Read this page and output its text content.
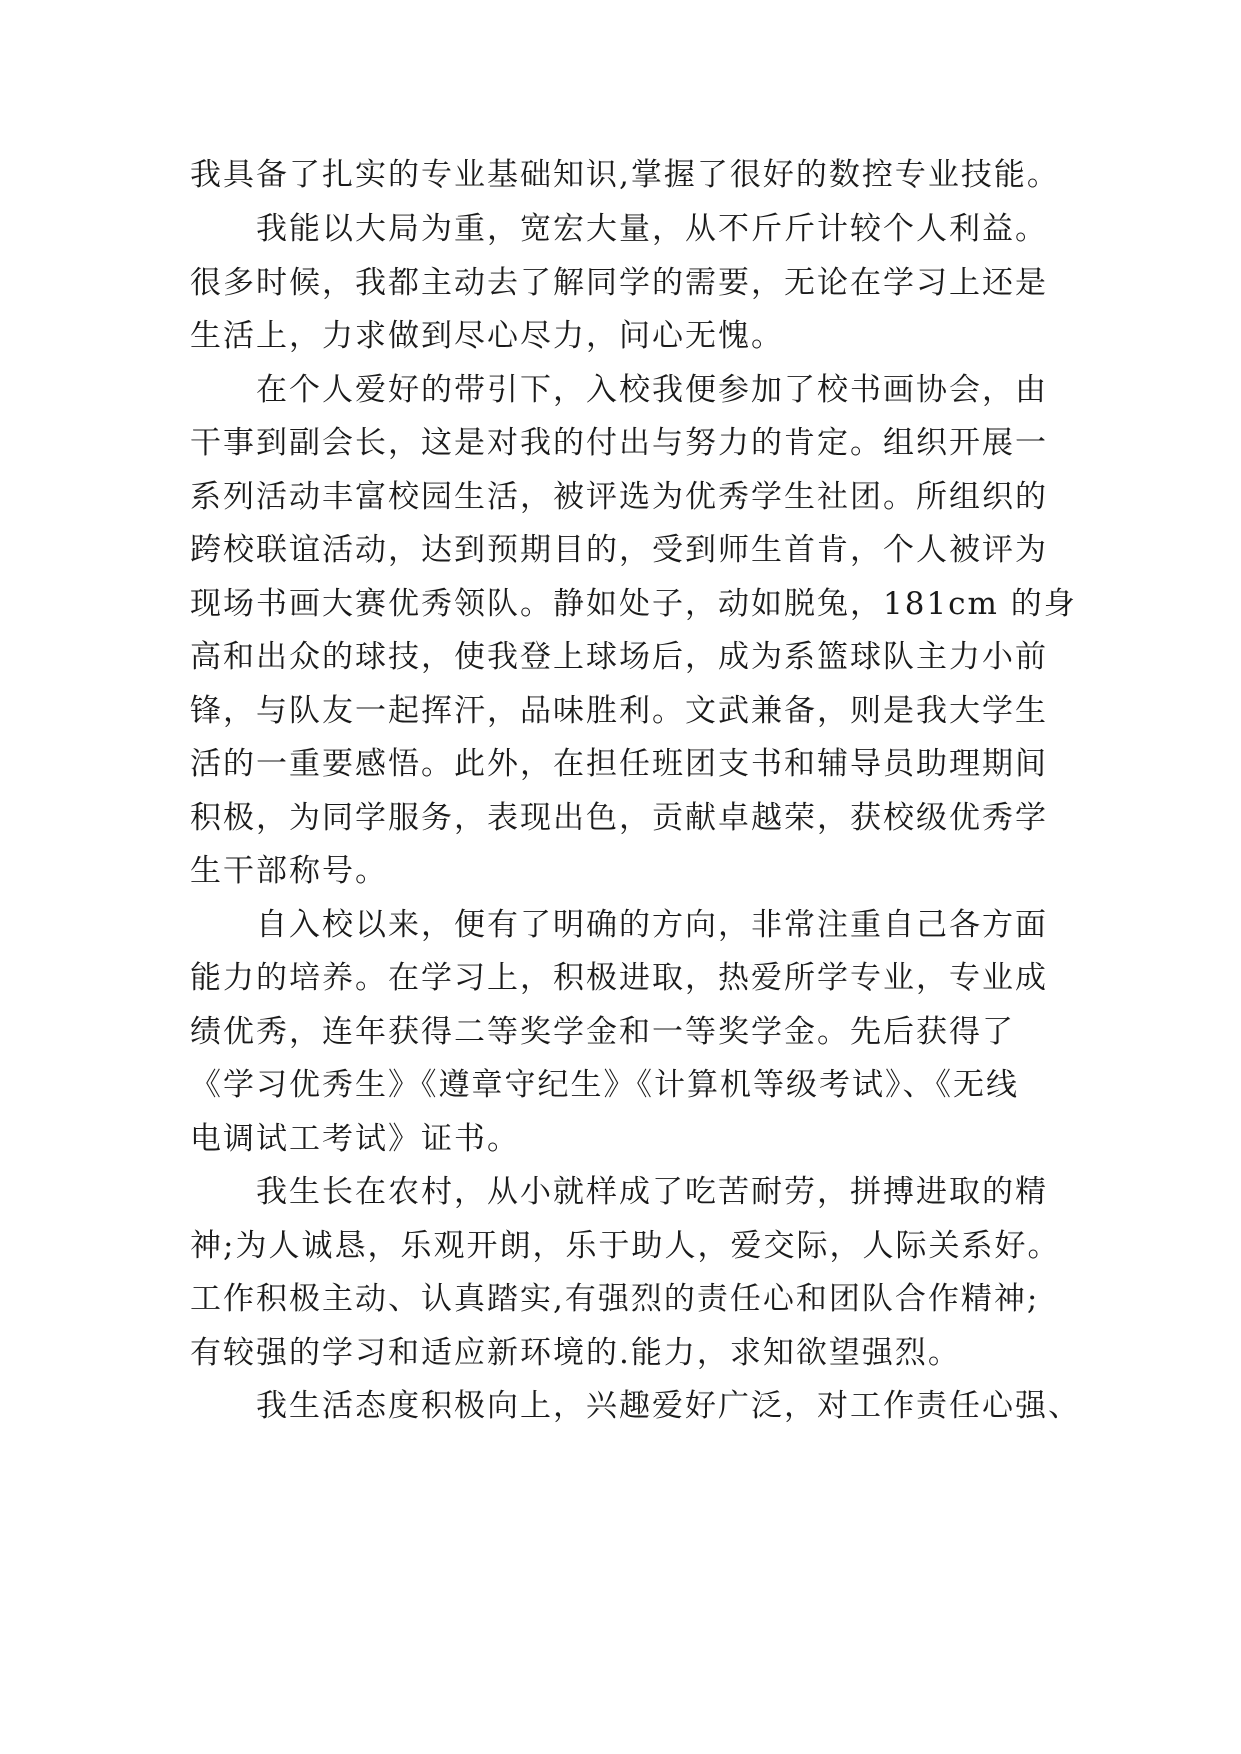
我具备了扎实的专业基础知识,掌握了很好的数控专业技能。
　　我能以大局为重，宽宏大量，从不斤斤计较个人利益。
很多时候，我都主动去了解同学的需要，无论在学习上还是
生活上，力求做到尽心尽力，问心无愧。
　　在个人爱好的带引下，入校我便参加了校书画协会，由
干事到副会长，这是对我的付出与努力的肯定。组织开展一
系列活动丰富校园生活，被评选为优秀学生社团。所组织的
跨校联谊活动，达到预期目的，受到师生首肯，个人被评为
现场书画大赛优秀领队。静如处子，动如脱兔，181cm 的身
高和出众的球技，使我登上球场后，成为系篮球队主力小前
锋，与队友一起挥汗，品味胜利。文武兼备，则是我大学生
活的一重要感悟。此外，在担任班团支书和辅导员助理期间
积极，为同学服务，表现出色，贡献卓越荣，获校级优秀学
生干部称号。
　　自入校以来，便有了明确的方向，非常注重自己各方面
能力的培养。在学习上，积极进取，热爱所学专业，专业成
绩优秀，连年获得二等奖学金和一等奖学金。先后获得了
《学习优秀生》《遵章守纪生》《计算机等级考试》、《无线
电调试工考试》证书。
　　我生长在农村，从小就样成了吃苦耐劳，拼搏进取的精
神;为人诚恳，乐观开朗，乐于助人，爱交际，人际关系好。
工作积极主动、认真踏实,有强烈的责任心和团队合作精神;
有较强的学习和适应新环境的.能力，求知欲望强烈。
　　我生活态度积极向上，兴趣爱好广泛，对工作责任心强、
